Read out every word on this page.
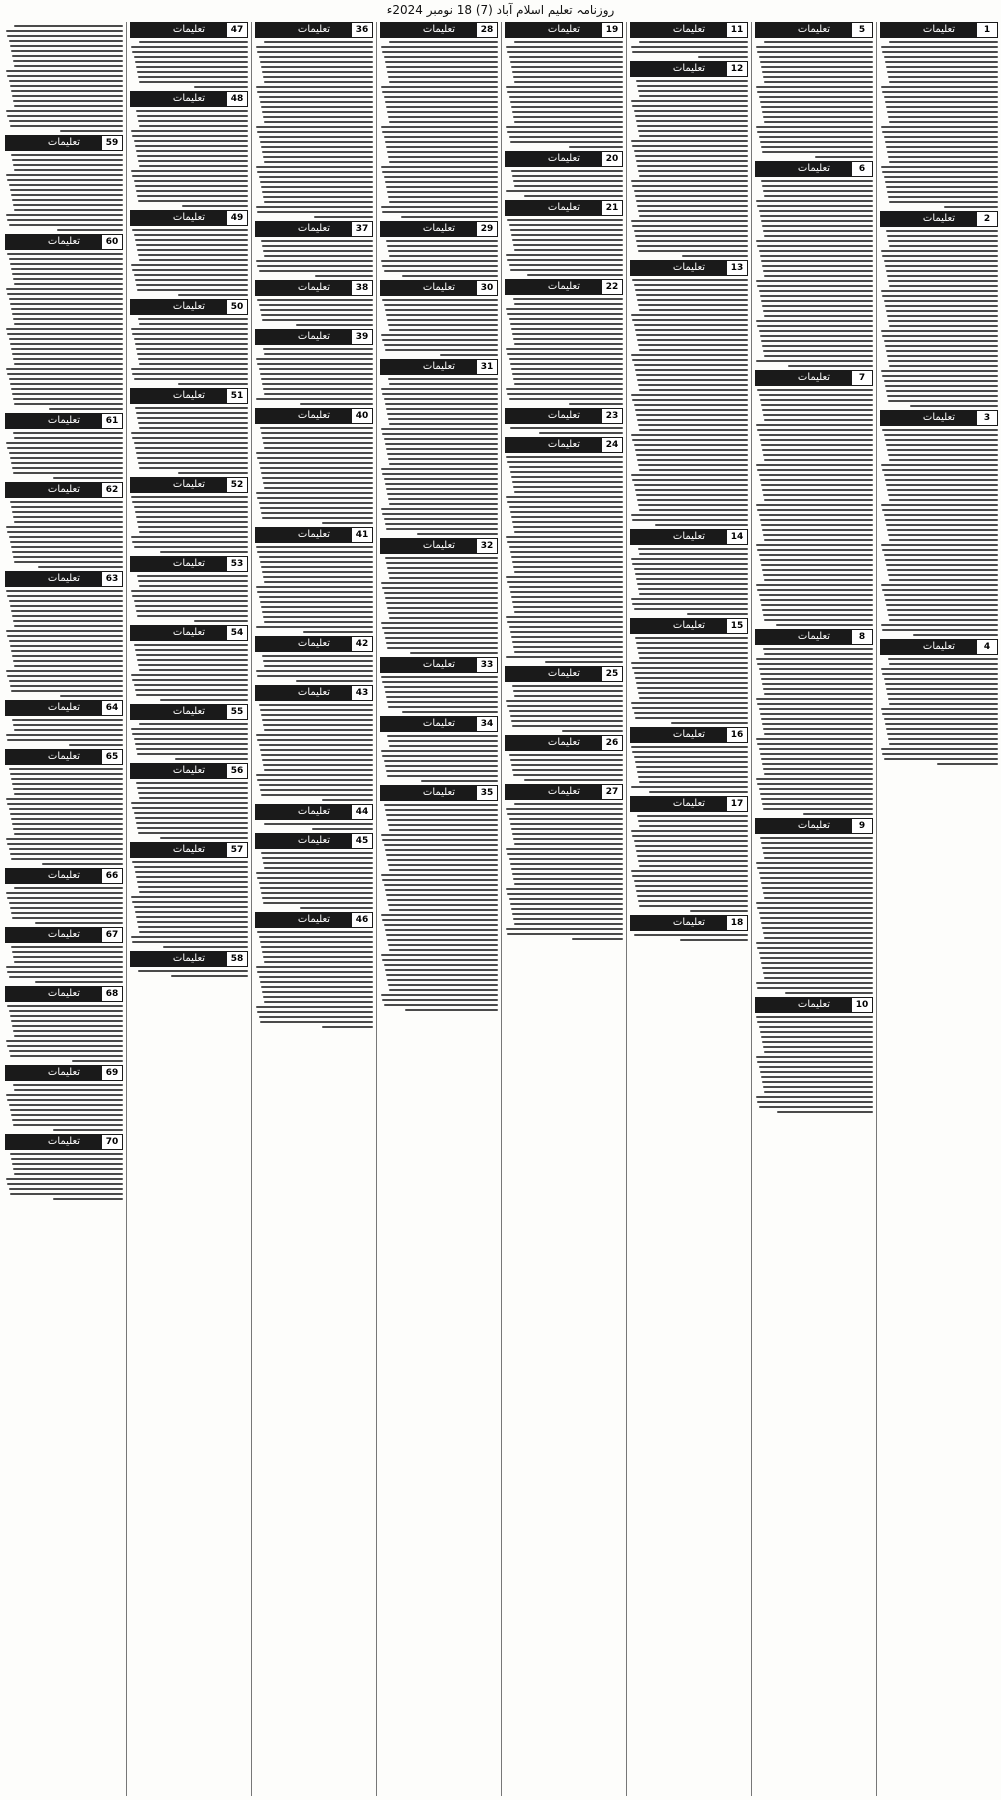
روزنامہ تعلیم اسلام آباد (7) 18 نومبر 2024ء
1
تعلیمات
2
تعلیمات
3
تعلیمات
4
تعلیمات
5
تعلیمات
6
تعلیمات
7
تعلیمات
8
تعلیمات
9
تعلیمات
10
تعلیمات
11
تعلیمات
12
تعلیمات
13
تعلیمات
14
تعلیمات
15
تعلیمات
16
تعلیمات
17
تعلیمات
18
تعلیمات
19
تعلیمات
20
تعلیمات
21
تعلیمات
22
تعلیمات
23
تعلیمات
24
تعلیمات
25
تعلیمات
26
تعلیمات
27
تعلیمات
28
تعلیمات
29
تعلیمات
30
تعلیمات
31
تعلیمات
32
تعلیمات
33
تعلیمات
34
تعلیمات
35
تعلیمات
36
تعلیمات
37
تعلیمات
38
تعلیمات
39
تعلیمات
40
تعلیمات
41
تعلیمات
42
تعلیمات
43
تعلیمات
44
تعلیمات
45
تعلیمات
46
تعلیمات
47
تعلیمات
48
تعلیمات
49
تعلیمات
50
تعلیمات
51
تعلیمات
52
تعلیمات
53
تعلیمات
54
تعلیمات
55
تعلیمات
56
تعلیمات
57
تعلیمات
58
تعلیمات
59
تعلیمات
60
تعلیمات
61
تعلیمات
62
تعلیمات
63
تعلیمات
64
تعلیمات
65
تعلیمات
66
تعلیمات
67
تعلیمات
68
تعلیمات
69
تعلیمات
70
تعلیمات
